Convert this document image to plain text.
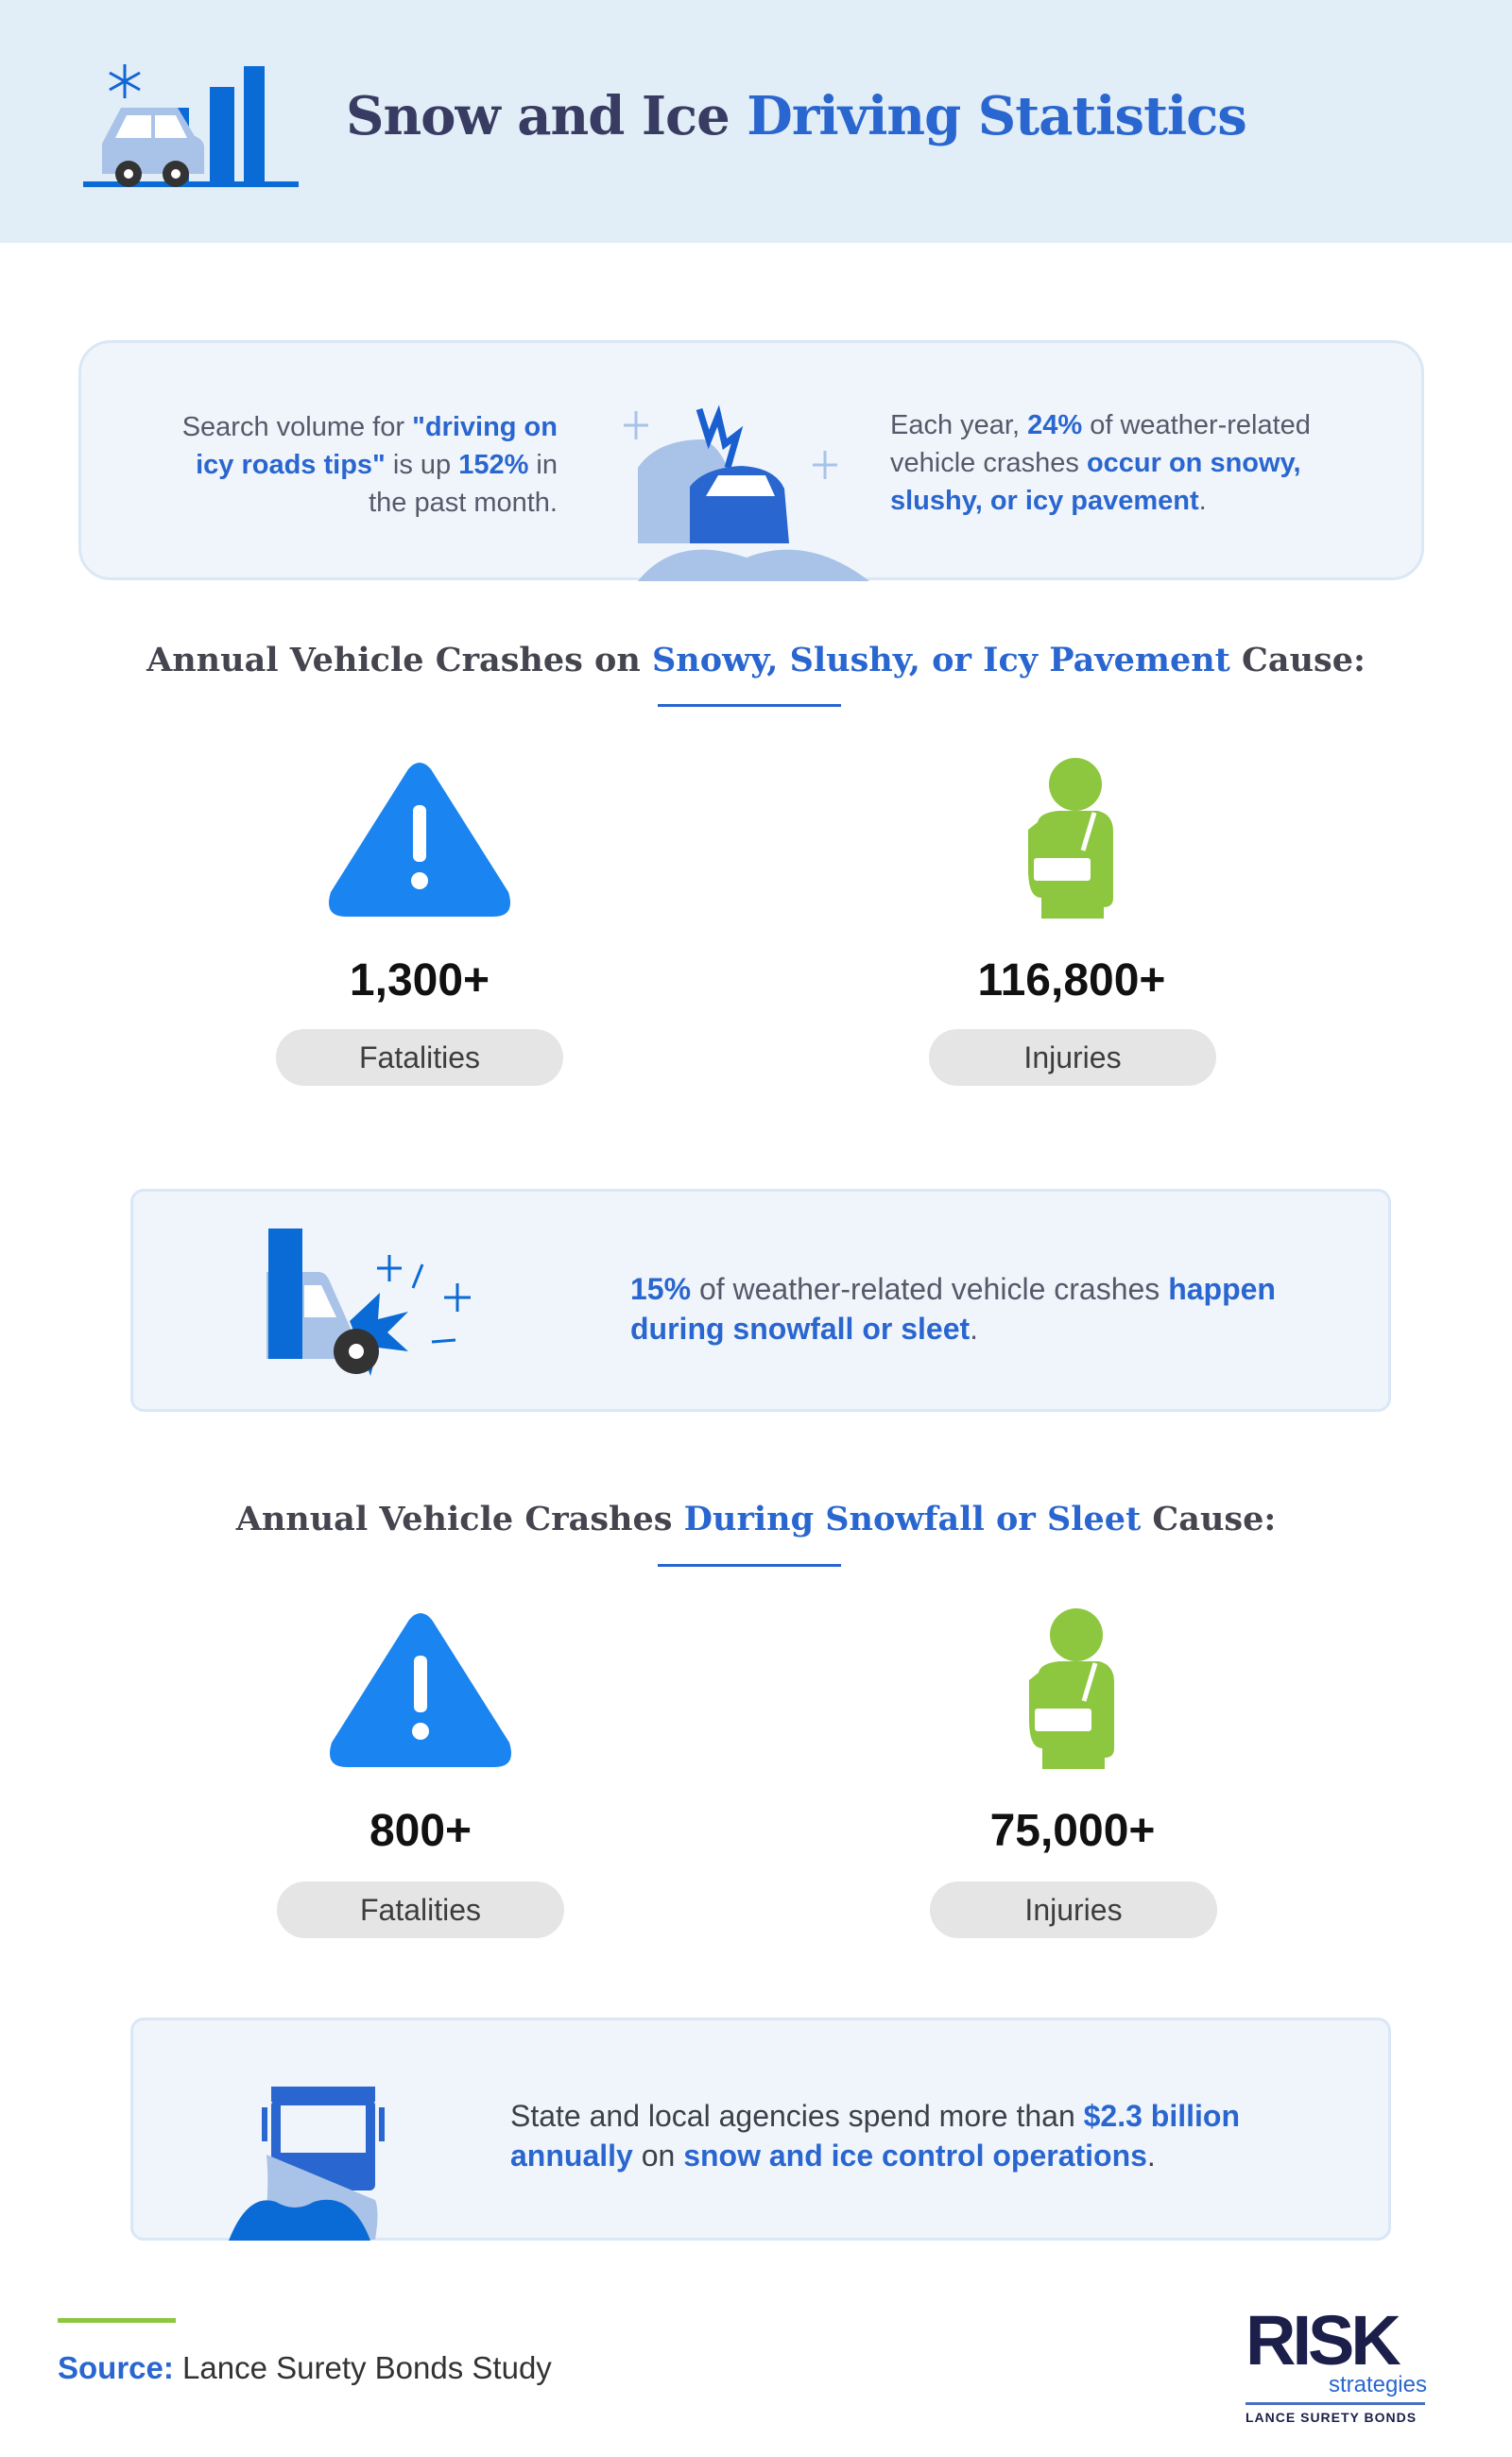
Snow and Ice Driving Statistics
Search volume for "driving on icy roads tips" is up 152% in the past month.
Each year, 24% of weather-related vehicle crashes occur on snowy, slushy, or icy pavement.
Annual Vehicle Crashes on Snowy, Slushy, or Icy Pavement Cause:
1,300+	116,800+
Fatalities	Injuries
15% of weather-related vehicle crashes happen during snowfall or sleet.
Annual Vehicle Crashes During Snowfall or Sleet Cause:
800+	75,000+
Fatalities	Injuries
State and local agencies spend more than $2.3 billion annually on snow and ice control operations.
Source: Lance Surety Bonds Study	RISK
strategies
LANCE SURETY BONDS
